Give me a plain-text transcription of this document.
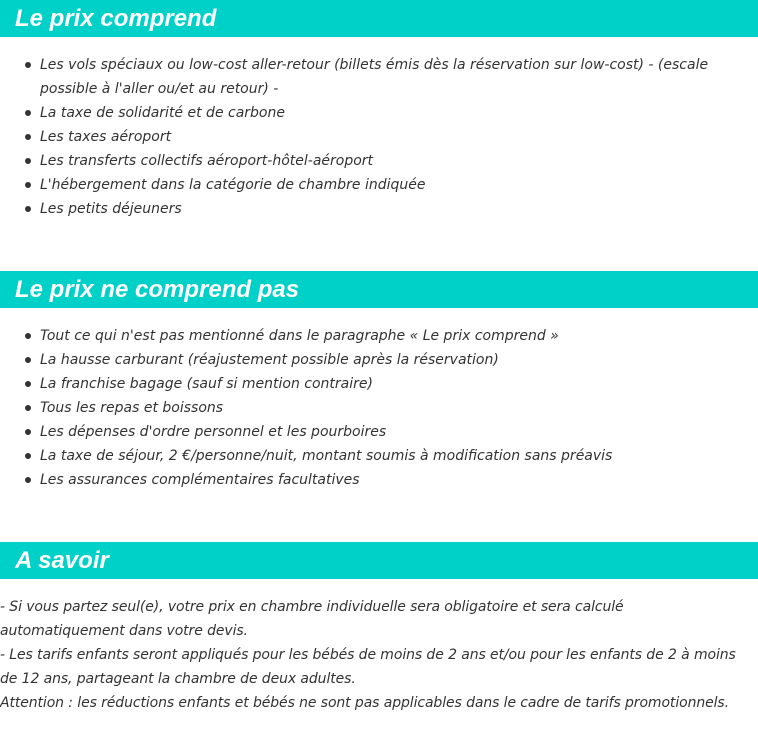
Le prix comprend
Les vols spéciaux ou low-cost aller-retour (billets émis dès la réservation sur low-cost) - (escale possible à l'aller ou/et au retour) -
La taxe de solidarité et de carbone
Les taxes aéroport
Les transferts collectifs aéroport-hôtel-aéroport
L'hébergement dans la catégorie de chambre indiquée
Les petits déjeuners
Le prix ne comprend pas
Tout ce qui n'est pas mentionné dans le paragraphe « Le prix comprend »
La hausse carburant (réajustement possible après la réservation)
La franchise bagage (sauf si mention contraire)
Tous les repas et boissons
Les dépenses d'ordre personnel et les pourboires
La taxe de séjour, 2 €/personne/nuit, montant soumis à modification sans préavis
Les assurances complémentaires facultatives
A savoir

- Si vous partez seul(e), votre prix en chambre individuelle sera obligatoire et sera calculé automatiquement dans votre devis.

- Les tarifs enfants seront appliqués pour les bébés de moins de 2 ans et/ou pour les enfants de 2 à moins de 12 ans, partageant la chambre de deux adultes.

Attention : les réductions enfants et bébés ne sont pas applicables dans le cadre de tarifs promotionnels.
